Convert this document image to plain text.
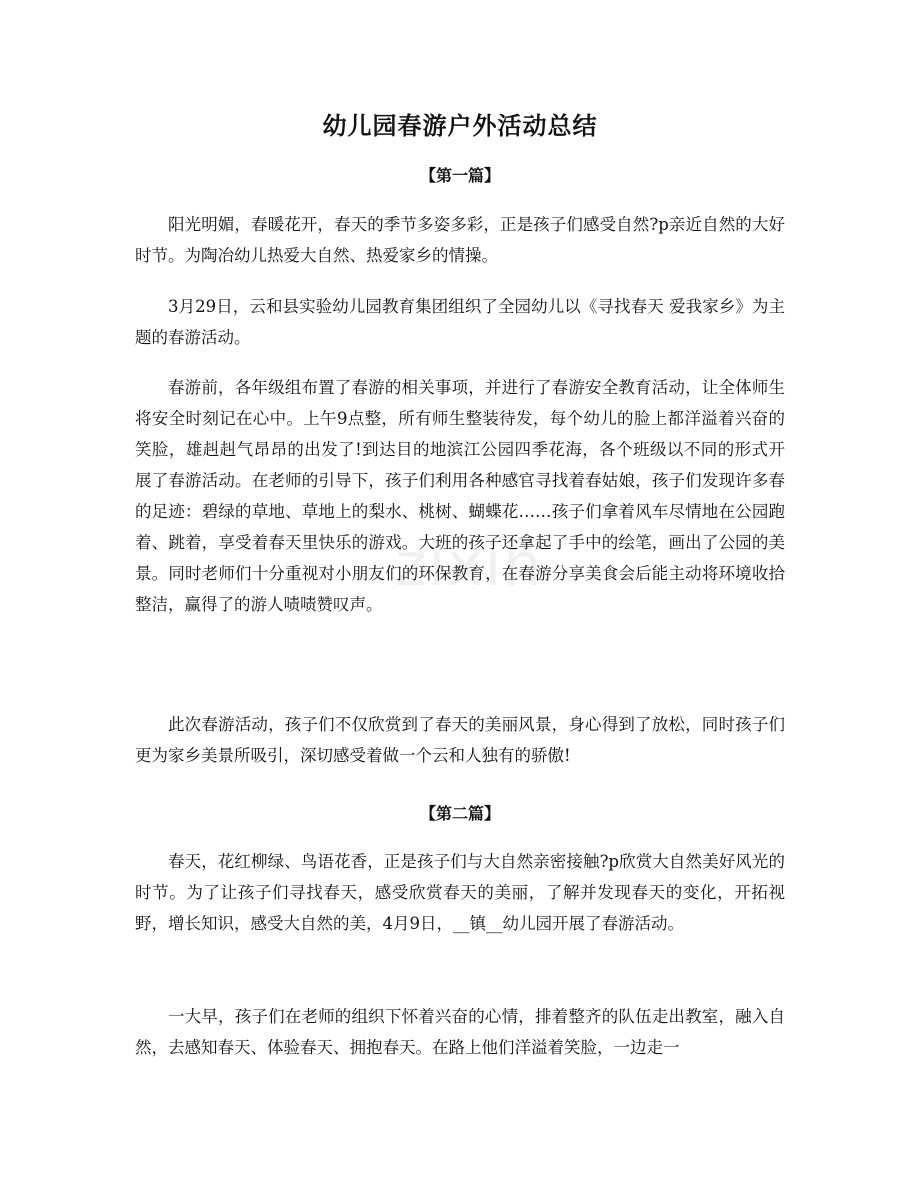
zixin
幼儿园春游户外活动总结
【第一篇】

阳光明媚，春暖花开，春天的季节多姿多彩，正是孩子们感受自然?p亲近自然的大好时节。为陶冶幼儿热爱大自然、热爱家乡的情操。

3月29日，云和县实验幼儿园教育集团组织了全园幼儿以《寻找春天 爱我家乡》为主题的春游活动。

春游前，各年级组布置了春游的相关事项，并进行了春游安全教育活动，让全体师生将安全时刻记在心中。上午9点整，所有师生整装待发，每个幼儿的脸上都洋溢着兴奋的笑脸，雄赳赳气昂昂的出发了!到达目的地滨江公园四季花海，各个班级以不同的形式开展了春游活动。在老师的引导下，孩子们利用各种感官寻找着春姑娘，孩子们发现许多春的足迹：碧绿的草地、草地上的梨水、桃树、蝴蝶花……孩子们拿着风车尽情地在公园跑着、跳着，享受着春天里快乐的游戏。大班的孩子还拿起了手中的绘笔，画出了公园的美景。同时老师们十分重视对小朋友们的环保教育，在春游分享美食会后能主动将环境收拾整洁，赢得了的游人啧啧赞叹声。

此次春游活动，孩子们不仅欣赏到了春天的美丽风景，身心得到了放松，同时孩子们更为家乡美景所吸引，深切感受着做一个云和人独有的骄傲!

【第二篇】

春天，花红柳绿、鸟语花香，正是孩子们与大自然亲密接触?p欣赏大自然美好风光的时节。为了让孩子们寻找春天，感受欣赏春天的美丽，了解并发现春天的变化，开拓视野，增长知识，感受大自然的美，4月9日，__镇__幼儿园开展了春游活动。

一大早，孩子们在老师的组织下怀着兴奋的心情，排着整齐的队伍走出教室，融入自然，去感知春天、体验春天、拥抱春天。在路上他们洋溢着笑脸，一边走一
